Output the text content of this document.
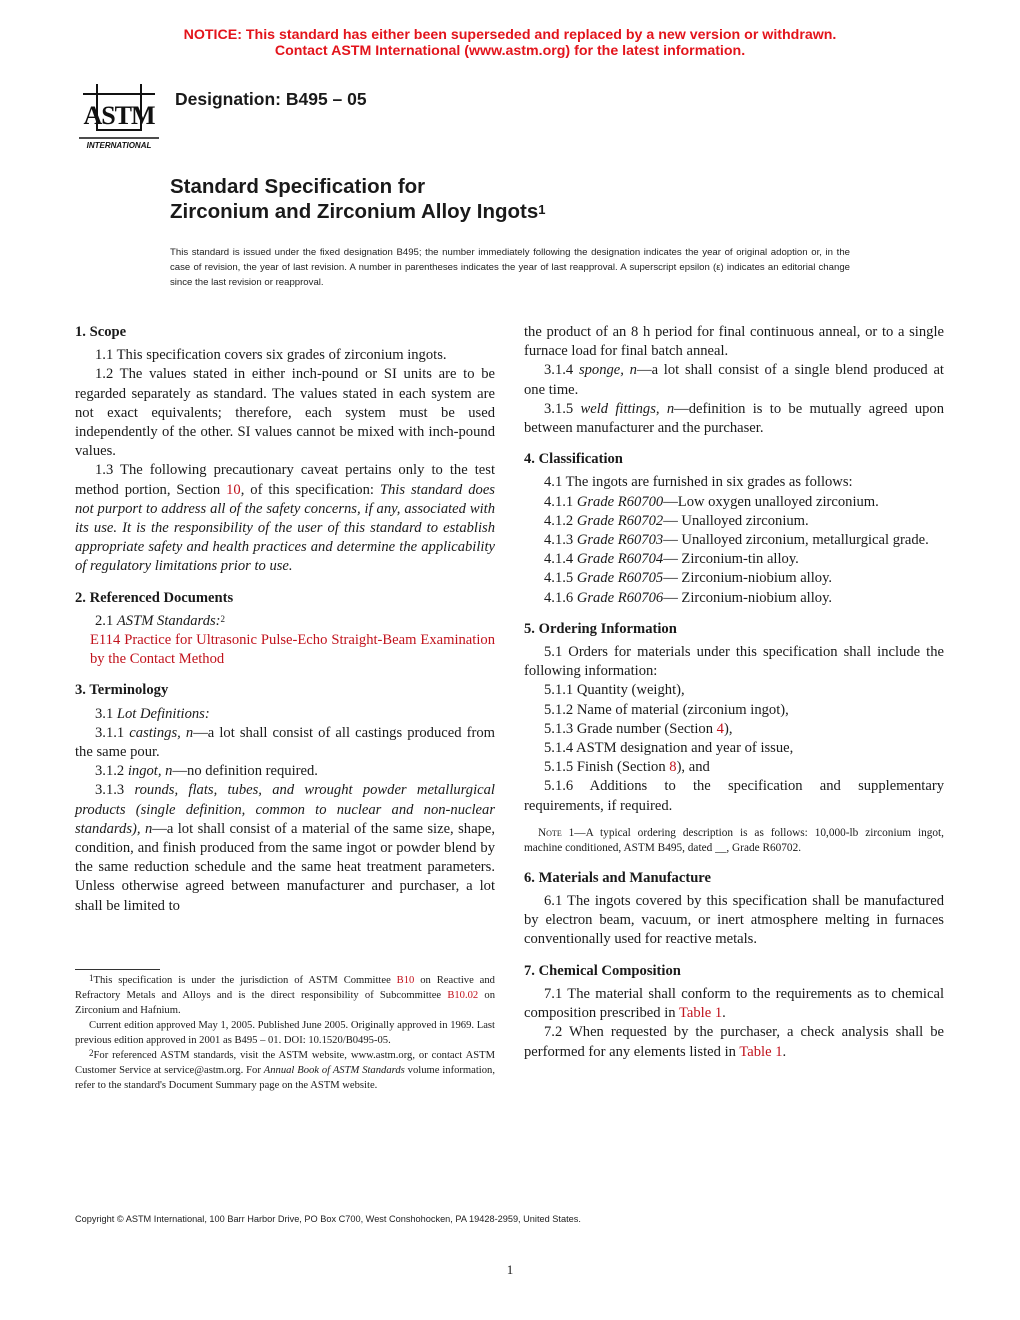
NOTICE: This standard has either been superseded and replaced by a new version or withdrawn.
Contact ASTM International (www.astm.org) for the latest information.
ASTM
INTERNATIONAL
Designation: B495 – 05
Standard Specification for
Zirconium and Zirconium Alloy Ingots$^1$
This standard is issued under the fixed designation B495; the number immediately following the designation indicates the year of original adoption or, in the case of revision, the year of last revision. A number in parentheses indicates the year of last reapproval. A superscript epsilon (ε) indicates an editorial change since the last revision or reapproval.
1. Scope

1.1 This specification covers six grades of zirconium ingots.

1.2 The values stated in either inch-pound or SI units are to be regarded separately as standard. The values stated in each system are not exact equivalents; therefore, each system must be used independently of the other. SI values cannot be mixed with inch-pound values.

1.3 The following precautionary caveat pertains only to the test method portion, Section 10, of this specification: This standard does not purport to address all of the safety concerns, if any, associated with its use. It is the responsibility of the user of this standard to establish appropriate safety and health practices and determine the applicability of regulatory limitations prior to use.

2. Referenced Documents

2.1 ASTM Standards:$^2$

E114 Practice for Ultrasonic Pulse-Echo Straight-Beam Examination by the Contact Method

3. Terminology

3.1 Lot Definitions:

3.1.1 castings, n—a lot shall consist of all castings produced from the same pour.

3.1.2 ingot, n—no definition required.

3.1.3 rounds, flats, tubes, and wrought powder metallurgical products (single definition, common to nuclear and non-nuclear standards), n—a lot shall consist of a material of the same size, shape, condition, and finish produced from the same ingot or powder blend by the same reduction schedule and the same heat treatment parameters. Unless otherwise agreed between manufacturer and purchaser, a lot shall be limited to

$^1$This specification is under the jurisdiction of ASTM Committee B10 on Reactive and Refractory Metals and Alloys and is the direct responsibility of Subcommittee B10.02 on Zirconium and Hafnium.

Current edition approved May 1, 2005. Published June 2005. Originally approved in 1969. Last previous edition approved in 2001 as B495 – 01. DOI: 10.1520/B0495-05.

$^2$For referenced ASTM standards, visit the ASTM website, www.astm.org, or contact ASTM Customer Service at service@astm.org. For Annual Book of ASTM Standards volume information, refer to the standard's Document Summary page on the ASTM website.

the product of an 8 h period for final continuous anneal, or to a single furnace load for final batch anneal.

3.1.4 sponge, n—a lot shall consist of a single blend produced at one time.

3.1.5 weld fittings, n—definition is to be mutually agreed upon between manufacturer and the purchaser.

4. Classification

4.1 The ingots are furnished in six grades as follows:

4.1.1 Grade R60700—Low oxygen unalloyed zirconium.

4.1.2 Grade R60702— Unalloyed zirconium.

4.1.3 Grade R60703— Unalloyed zirconium, metallurgical grade.

4.1.4 Grade R60704— Zirconium-tin alloy.

4.1.5 Grade R60705— Zirconium-niobium alloy.

4.1.6 Grade R60706— Zirconium-niobium alloy.

5. Ordering Information

5.1 Orders for materials under this specification shall include the following information:

5.1.1 Quantity (weight),

5.1.2 Name of material (zirconium ingot),

5.1.3 Grade number (Section 4),

5.1.4 ASTM designation and year of issue,

5.1.5 Finish (Section 8), and

5.1.6 Additions to the specification and supplementary requirements, if required.

Note 1—A typical ordering description is as follows: 10,000-lb zirconium ingot, machine conditioned, ASTM B495, dated __, Grade R60702.

6. Materials and Manufacture

6.1 The ingots covered by this specification shall be manufactured by electron beam, vacuum, or inert atmosphere melting in furnaces conventionally used for reactive metals.

7. Chemical Composition

7.1 The material shall conform to the requirements as to chemical composition prescribed in Table 1.

7.2 When requested by the purchaser, a check analysis shall be performed for any elements listed in Table 1.

Copyright © ASTM International, 100 Barr Harbor Drive, PO Box C700, West Conshohocken, PA 19428-2959, United States.
1
